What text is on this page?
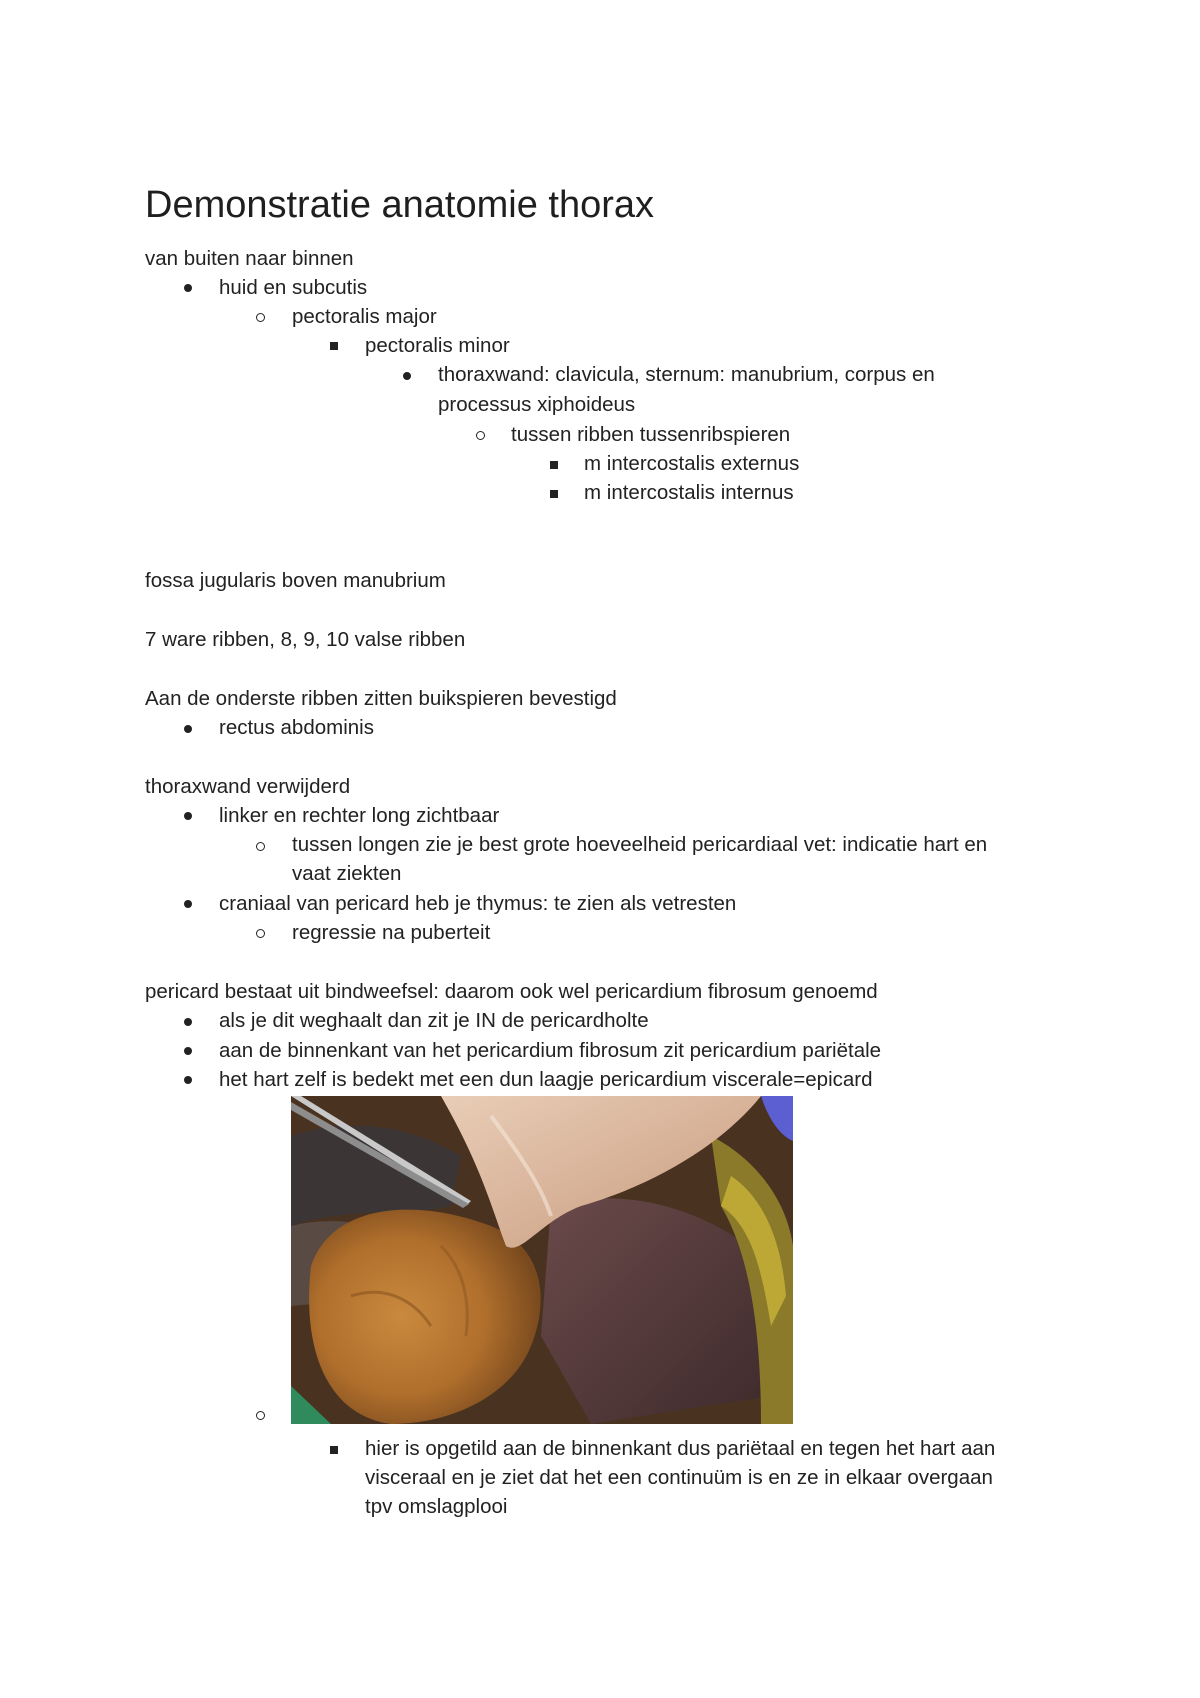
Demonstratie anatomie thorax
van buiten naar binnen
huid en subcutis
pectoralis major
pectoralis minor
thoraxwand: clavicula, sternum: manubrium, corpus en
processus xiphoideus
tussen ribben tussenribspieren
m intercostalis externus
m intercostalis internus
fossa jugularis boven manubrium
7 ware ribben, 8, 9, 10 valse ribben
Aan de onderste ribben zitten buikspieren bevestigd
rectus abdominis
thoraxwand verwijderd
linker en rechter long zichtbaar
tussen longen zie je best grote hoeveelheid pericardiaal vet: indicatie hart en
vaat ziekten
craniaal van pericard heb je thymus: te zien als vetresten
regressie na puberteit
pericard bestaat uit bindweefsel: daarom ook wel pericardium fibrosum genoemd
als je dit weghaalt dan zit je IN de pericardholte
aan de binnenkant van het pericardium fibrosum zit pericardium pariëtale
het hart zelf is bedekt met een dun laagje pericardium viscerale=epicard
hier is opgetild aan de binnenkant dus pariëtaal en tegen het hart aan
visceraal en je ziet dat het een continuüm is en ze in elkaar overgaan
tpv omslagplooi
